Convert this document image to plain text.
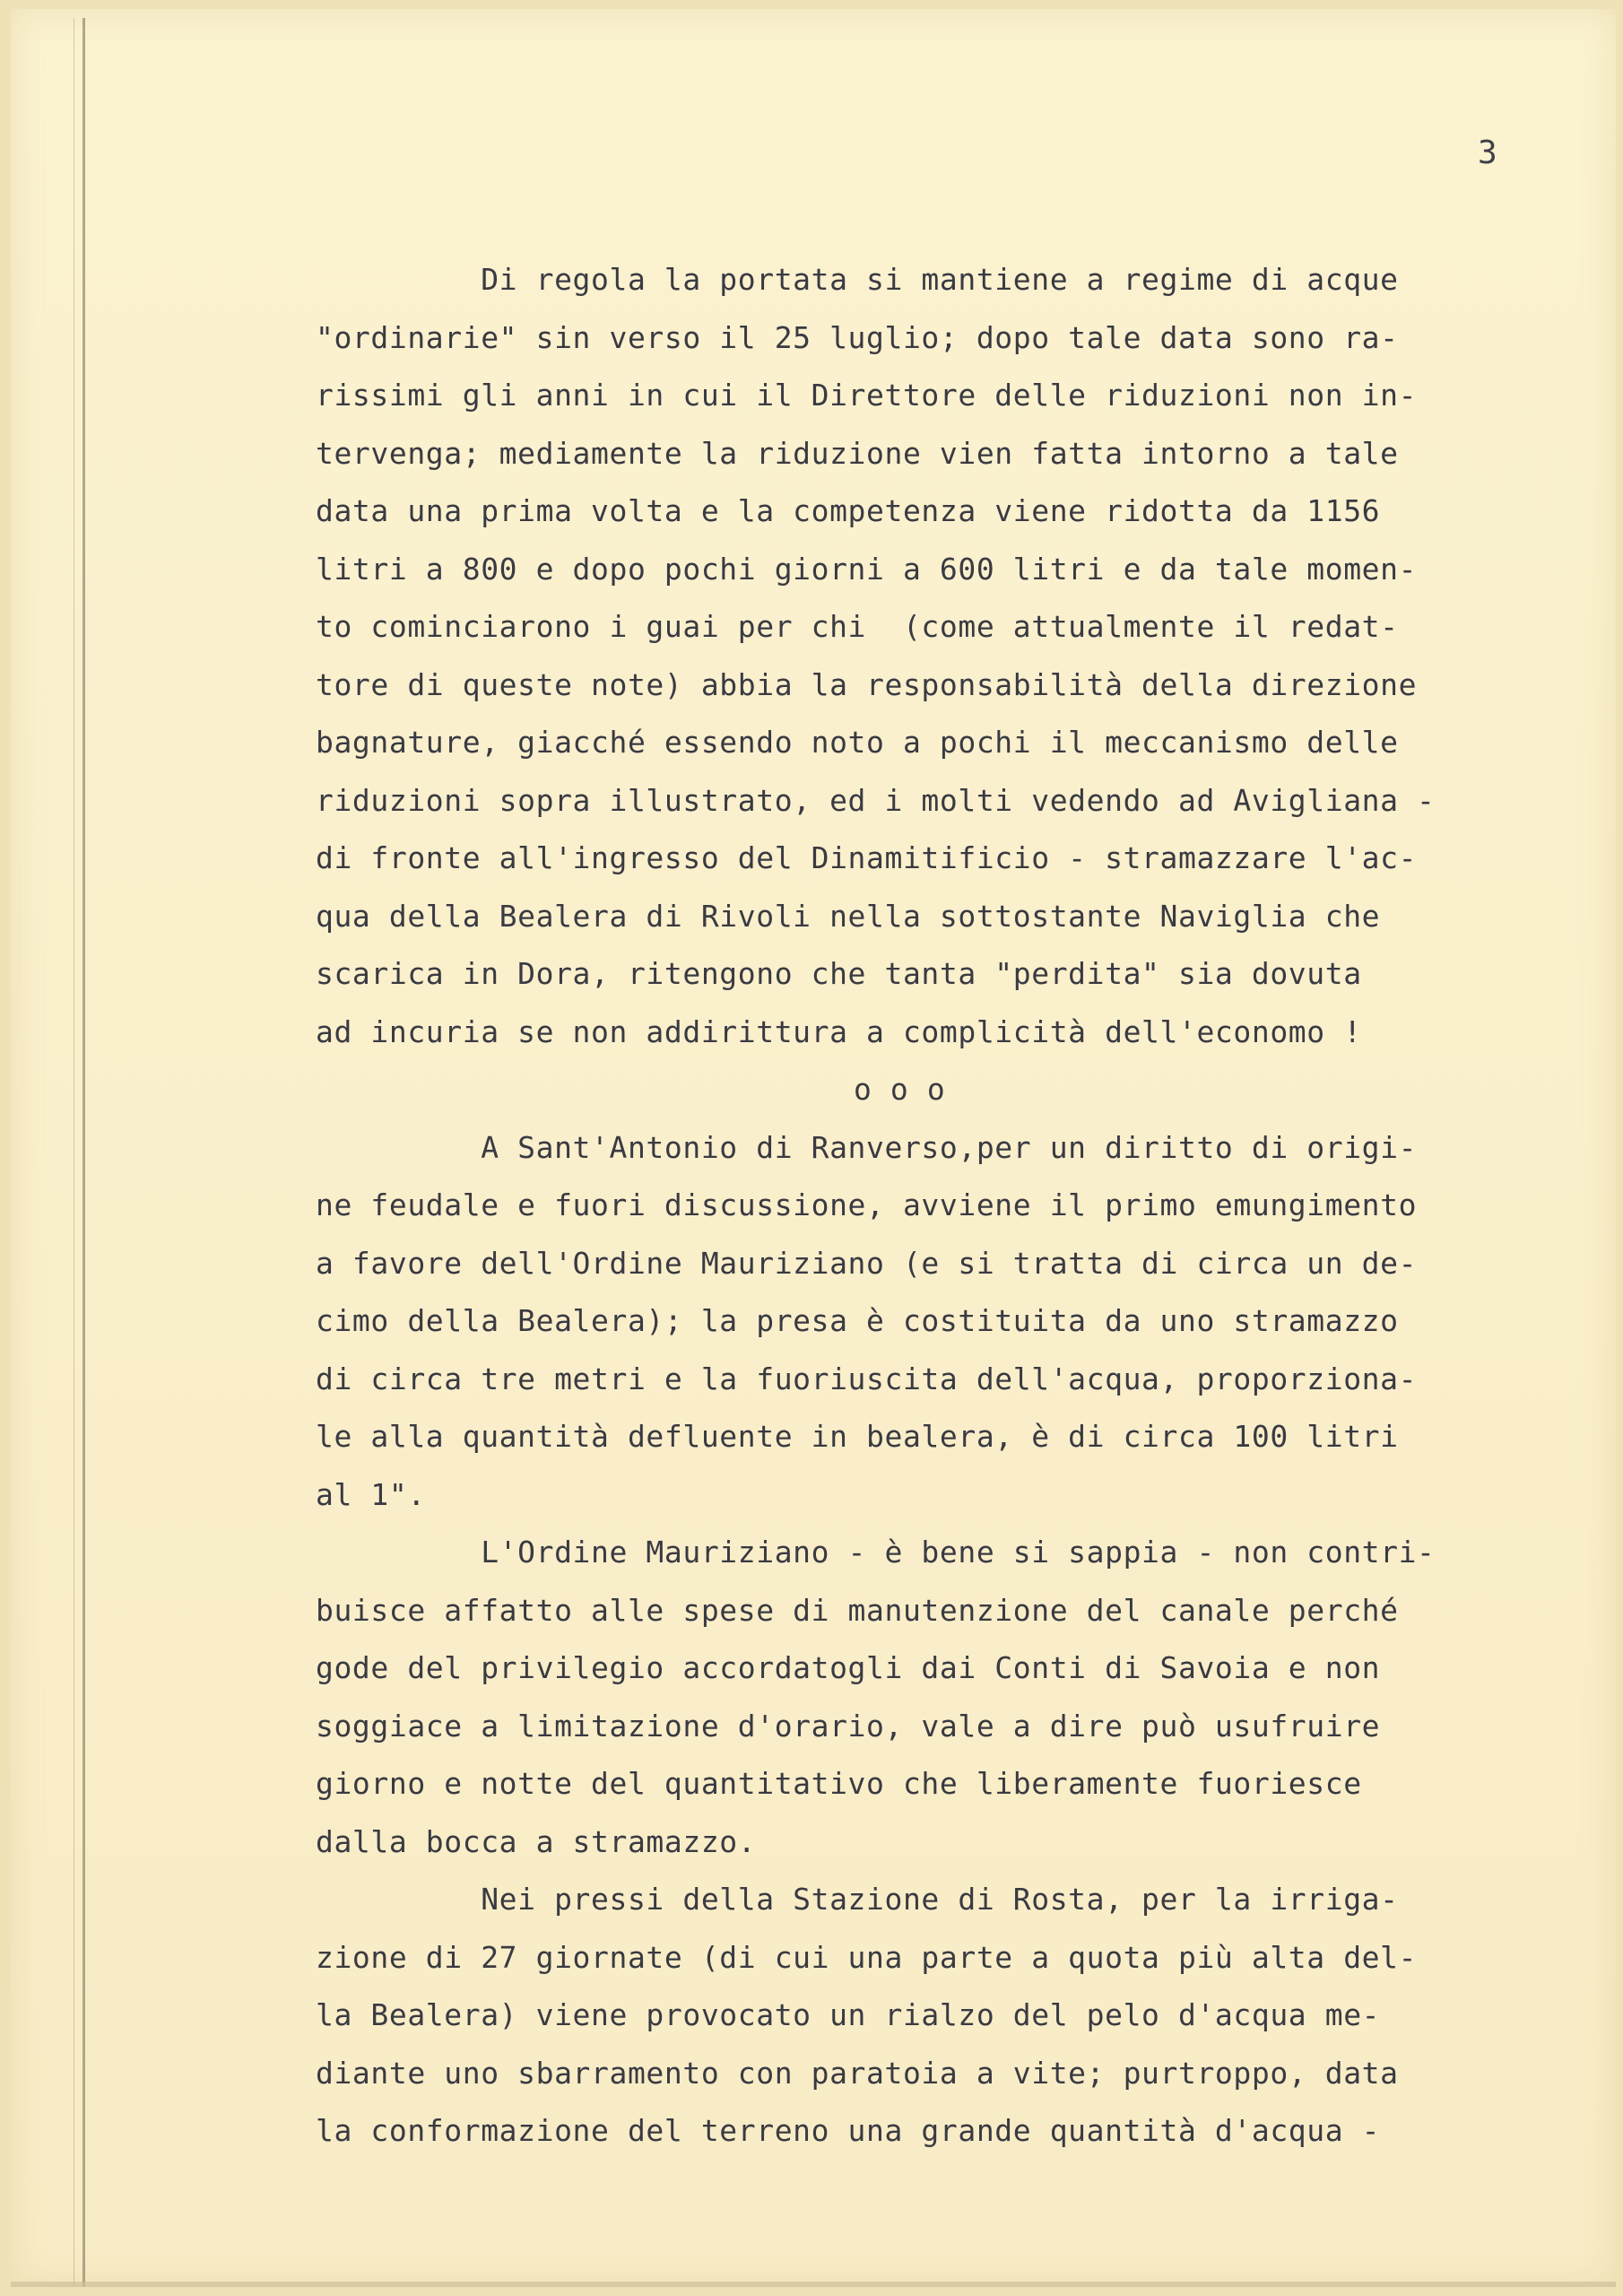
3
Di regola la portata si mantiene a regime di acque
"ordinarie" sin verso il 25 luglio; dopo tale data sono ra-
rissimi gli anni in cui il Direttore delle riduzioni non in-
tervenga; mediamente la riduzione vien fatta intorno a tale
data una prima volta e la competenza viene ridotta da 1156
litri a 800 e dopo pochi giorni a 600 litri e da tale momen-
to cominciarono i guai per chi  (come attualmente il redat-
tore di queste note) abbia la responsabilità della direzione
bagnature, giacché essendo noto a pochi il meccanismo delle
riduzioni sopra illustrato, ed i molti vedendo ad Avigliana -
di fronte all'ingresso del Dinamitificio - stramazzare l'ac-
qua della Bealera di Rivoli nella sottostante Naviglia che
scarica in Dora, ritengono che tanta "perdita" sia dovuta
ad incuria se non addirittura a complicità dell'economo !
o o o
A Sant'Antonio di Ranverso,per un diritto di origi-
ne feudale e fuori discussione, avviene il primo emungimento
a favore dell'Ordine Mauriziano (e si tratta di circa un de-
cimo della Bealera); la presa è costituita da uno stramazzo
di circa tre metri e la fuoriuscita dell'acqua, proporziona-
le alla quantità defluente in bealera, è di circa 100 litri
al 1".
L'Ordine Mauriziano - è bene si sappia - non contri-
buisce affatto alle spese di manutenzione del canale perché
gode del privilegio accordatogli dai Conti di Savoia e non
soggiace a limitazione d'orario, vale a dire può usufruire
giorno e notte del quantitativo che liberamente fuoriesce
dalla bocca a stramazzo.
Nei pressi della Stazione di Rosta, per la irriga-
zione di 27 giornate (di cui una parte a quota più alta del-
la Bealera) viene provocato un rialzo del pelo d'acqua me-
diante uno sbarramento con paratoia a vite; purtroppo, data
la conformazione del terreno una grande quantità d'acqua -
